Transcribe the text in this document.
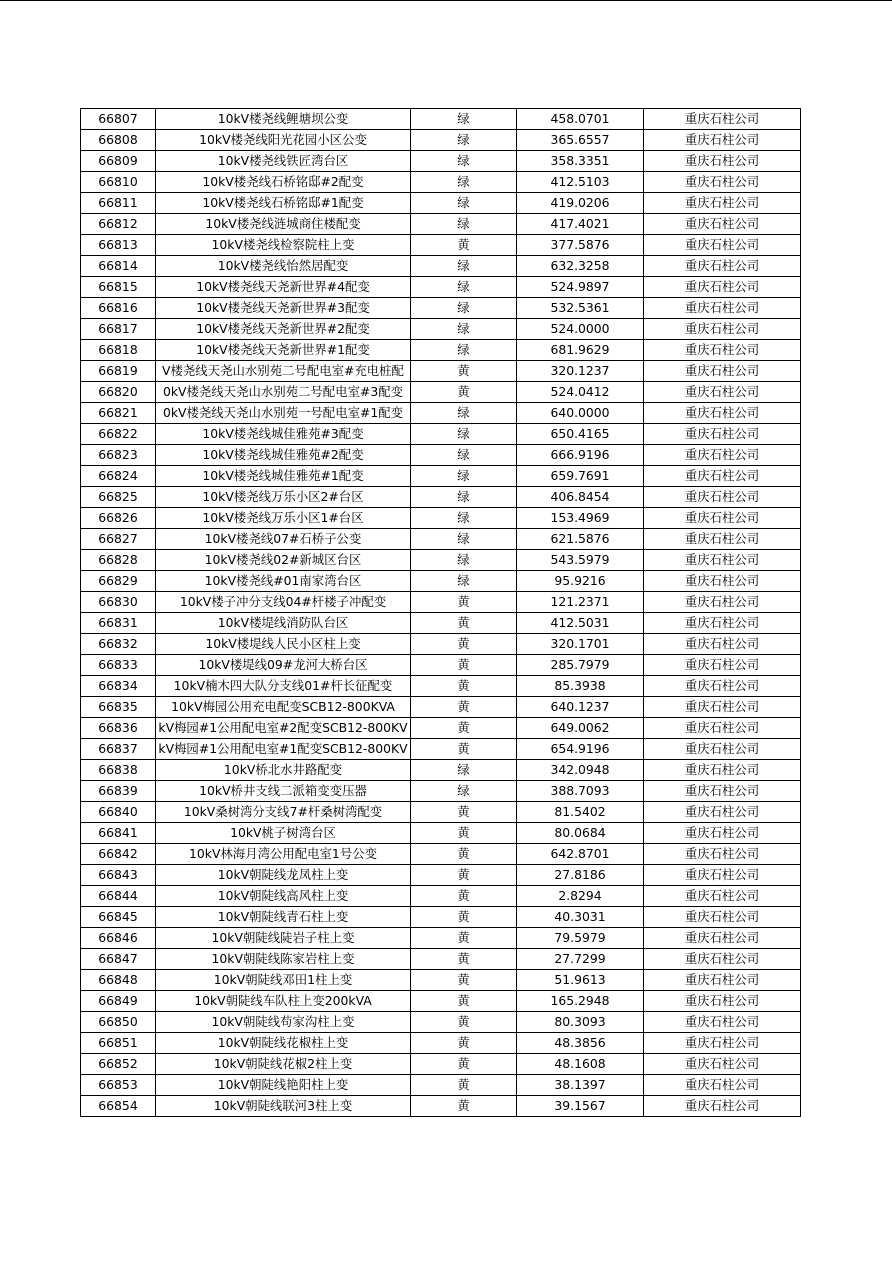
66807	10kV楼尧线鲤塘坝公变	绿	458.0701	重庆石柱公司
66808	10kV楼尧线阳光花园小区公变	绿	365.6557	重庆石柱公司
66809	10kV楼尧线铁匠湾台区	绿	358.3351	重庆石柱公司
66810	10kV楼尧线石桥铭邸#2配变	绿	412.5103	重庆石柱公司
66811	10kV楼尧线石桥铭邸#1配变	绿	419.0206	重庆石柱公司
66812	10kV楼尧线涟城商住楼配变	绿	417.4021	重庆石柱公司
66813	10kV楼尧线检察院柱上变	黄	377.5876	重庆石柱公司
66814	10kV楼尧线怡然居配变	绿	632.3258	重庆石柱公司
66815	10kV楼尧线天尧新世界#4配变	绿	524.9897	重庆石柱公司
66816	10kV楼尧线天尧新世界#3配变	绿	532.5361	重庆石柱公司
66817	10kV楼尧线天尧新世界#2配变	绿	524.0000	重庆石柱公司
66818	10kV楼尧线天尧新世界#1配变	绿	681.9629	重庆石柱公司
66819	V楼尧线天尧山水别苑二号配电室#充电桩配	黄	320.1237	重庆石柱公司
66820	0kV楼尧线天尧山水别苑二号配电室#3配变	黄	524.0412	重庆石柱公司
66821	0kV楼尧线天尧山水别苑一号配电室#1配变	绿	640.0000	重庆石柱公司
66822	10kV楼尧线城佳雅苑#3配变	绿	650.4165	重庆石柱公司
66823	10kV楼尧线城佳雅苑#2配变	绿	666.9196	重庆石柱公司
66824	10kV楼尧线城佳雅苑#1配变	绿	659.7691	重庆石柱公司
66825	10kV楼尧线万乐小区2#台区	绿	406.8454	重庆石柱公司
66826	10kV楼尧线万乐小区1#台区	绿	153.4969	重庆石柱公司
66827	10kV楼尧线07#石桥子公变	绿	621.5876	重庆石柱公司
66828	10kV楼尧线02#新城区台区	绿	543.5979	重庆石柱公司
66829	10kV楼尧线#01南家湾台区	绿	95.9216	重庆石柱公司
66830	10kV楼子冲分支线04#杆楼子冲配变	黄	121.2371	重庆石柱公司
66831	10kV楼堤线消防队台区	黄	412.5031	重庆石柱公司
66832	10kV楼堤线人民小区柱上变	黄	320.1701	重庆石柱公司
66833	10kV楼堤线09#龙河大桥台区	黄	285.7979	重庆石柱公司
66834	10kV楠木四大队分支线01#杆长征配变	黄	85.3938	重庆石柱公司
66835	10kV梅园公用充电配变SCB12-800KVA	黄	640.1237	重庆石柱公司
66836	kV梅园#1公用配电室#2配变SCB12-800KV	黄	649.0062	重庆石柱公司
66837	kV梅园#1公用配电室#1配变SCB12-800KV	黄	654.9196	重庆石柱公司
66838	10kV桥北水井路配变	绿	342.0948	重庆石柱公司
66839	10kV桥井支线二派箱变变压器	绿	388.7093	重庆石柱公司
66840	10kV桑树湾分支线7#杆桑树湾配变	黄	81.5402	重庆石柱公司
66841	10kV桃子树湾台区	黄	80.0684	重庆石柱公司
66842	10kV林海月湾公用配电室1号公变	黄	642.8701	重庆石柱公司
66843	10kV朝陡线龙凤柱上变	黄	27.8186	重庆石柱公司
66844	10kV朝陡线高风柱上变	黄	2.8294	重庆石柱公司
66845	10kV朝陡线青石柱上变	黄	40.3031	重庆石柱公司
66846	10kV朝陡线陡岩子柱上变	黄	79.5979	重庆石柱公司
66847	10kV朝陡线陈家岩柱上变	黄	27.7299	重庆石柱公司
66848	10kV朝陡线邓田1柱上变	黄	51.9613	重庆石柱公司
66849	10kV朝陡线车队柱上变200kVA	黄	165.2948	重庆石柱公司
66850	10kV朝陡线苟家沟柱上变	黄	80.3093	重庆石柱公司
66851	10kV朝陡线花椒柱上变	黄	48.3856	重庆石柱公司
66852	10kV朝陡线花椒2柱上变	黄	48.1608	重庆石柱公司
66853	10kV朝陡线艳阳柱上变	黄	38.1397	重庆石柱公司
66854	10kV朝陡线联河3柱上变	黄	39.1567	重庆石柱公司
